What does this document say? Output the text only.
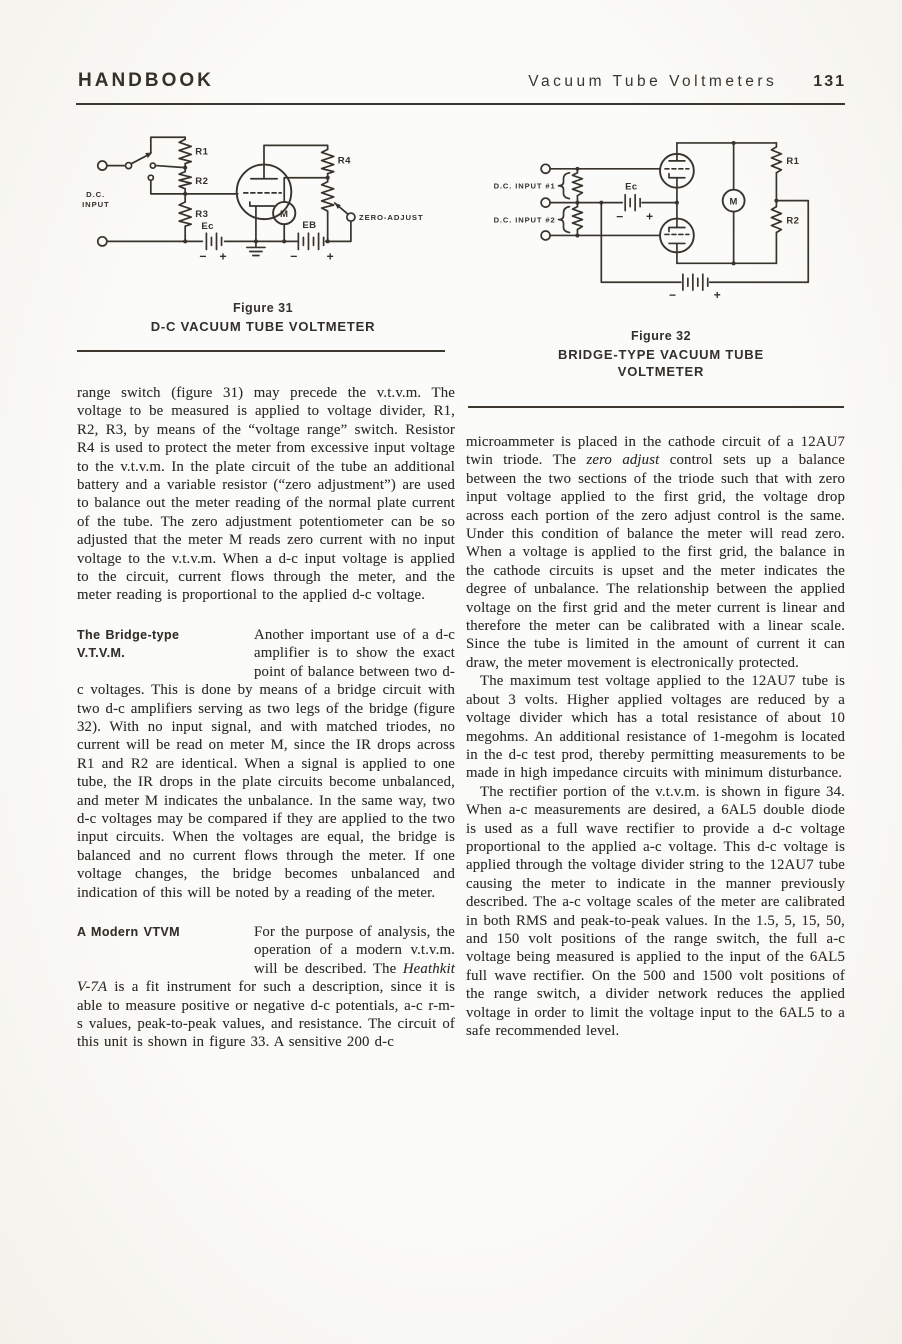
HANDBOOK	Vacuum Tube Voltmeters 131
D.C.
INPUT
R1
R2
R3
R4
Ec	EB
M	ZERO-ADJUST
− +	− +
Figure 31
D-C VACUUM TUBE VOLTMETER
D.C. INPUT #1
D.C. INPUT #2
Ec
M
R1
R2
− +
−	+
Figure 32
BRIDGE-TYPE VACUUM TUBE
VOLTMETER

range switch (figure 31) may precede the v.t.v.m. The voltage to be measured is applied to voltage divider, R1, R2, R3, by means of the “voltage range” switch. Resistor R4 is used to protect the meter from excessive input voltage to the v.t.v.m. In the plate circuit of the tube an additional battery and a variable resistor (“zero adjustment”) are used to balance out the meter reading of the normal plate current of the tube. The zero adjustment potentiometer can be so adjusted that the meter M reads zero current with no input voltage to the v.t.v.m. When a d-c input voltage is applied to the circuit, current flows through the meter, and the meter reading is proportional to the applied d-c voltage.

The Bridge-type
V.T.V.M.

Another important use of a d-c amplifier is to show the exact point of balance between two d-c voltages. This is done by means of a bridge circuit with two d-c amplifiers serving as two legs of the bridge (figure 32). With no input signal, and with matched triodes, no current will be read on meter M, since the IR drops across R1 and R2 are identical. When a signal is applied to one tube, the IR drops in the plate circuits become unbalanced, and meter M indicates the unbalance. In the same way, two d-c voltages may be compared if they are applied to the two input circuits. When the voltages are equal, the bridge is balanced and no current flows through the meter. If one voltage changes, the bridge becomes unbalanced and indication of this will be noted by a reading of the meter.

A Modern VTVM	For the purpose of analysis, the operation of a modern v.t.v.m. will be described. The Heathkit V-7A is a fit instrument for such a description, since it is able to measure positive or negative d-c potentials, a-c r-m-s values, peak-to-peak values, and resistance. The circuit of this unit is shown in figure 33. A sensitive 200 d-c

microammeter is placed in the cathode circuit of a 12AU7 twin triode. The zero adjust control sets up a balance between the two sections of the triode such that with zero input voltage applied to the first grid, the voltage drop across each portion of the zero adjust control is the same. Under this condition of balance the meter will read zero. When a voltage is applied to the first grid, the balance in the cathode circuits is upset and the meter indicates the degree of unbalance. The relationship between the applied voltage on the first grid and the meter current is linear and therefore the meter can be calibrated with a linear scale. Since the tube is limited in the amount of current it can draw, the meter movement is electronically protected.

The maximum test voltage applied to the 12AU7 tube is about 3 volts. Higher applied voltages are reduced by a voltage divider which has a total resistance of about 10 megohms. An additional resistance of 1-megohm is located in the d-c test prod, thereby permitting measurements to be made in high impedance circuits with minimum disturbance.

The rectifier portion of the v.t.v.m. is shown in figure 34. When a-c measurements are desired, a 6AL5 double diode is used as a full wave rectifier to provide a d-c voltage proportional to the applied a-c voltage. This d-c voltage is applied through the voltage divider string to the 12AU7 tube causing the meter to indicate in the manner previously described. The a-c voltage scales of the meter are calibrated in both RMS and peak-to-peak values. In the 1.5, 5, 15, 50, and 150 volt positions of the range switch, the full a-c voltage being measured is applied to the input of the 6AL5 full wave rectifier. On the 500 and 1500 volt positions of the range switch, a divider network reduces the applied voltage in order to limit the voltage input to the 6AL5 to a safe recommended level.
